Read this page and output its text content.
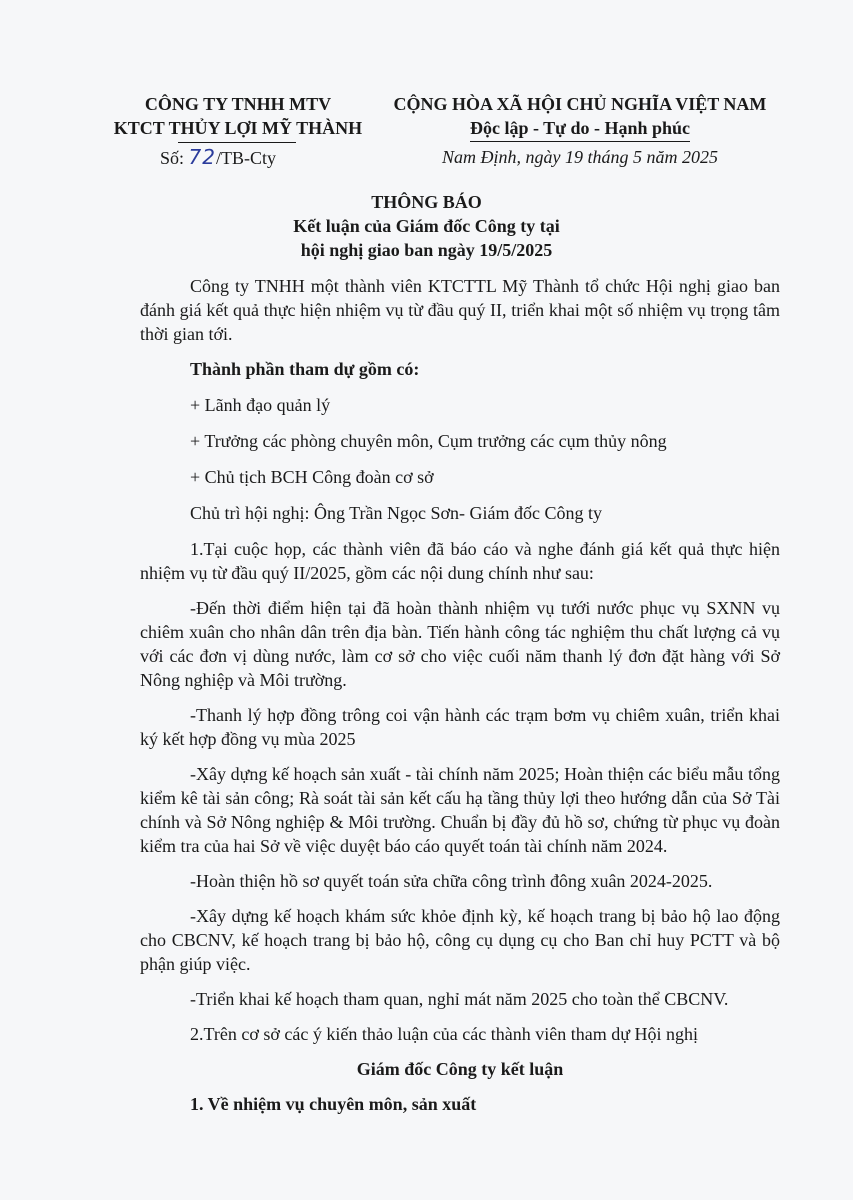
CÔNG TY TNHH MTV
KTCT THỦY LỢI MỸ THÀNH
CỘNG HÒA XÃ HỘI CHỦ NGHĨA VIỆT NAM
Độc lập - Tự do - Hạnh phúc
Số: 72/TB-Cty	Nam Định, ngày 19 tháng 5 năm 2025
THÔNG BÁO
Kết luận của Giám đốc Công ty tại
hội nghị giao ban ngày 19/5/2025

Công ty TNHH một thành viên KTCTTL Mỹ Thành tổ chức Hội nghị giao ban đánh giá kết quả thực hiện nhiệm vụ từ đầu quý II, triển khai một số nhiệm vụ trọng tâm thời gian tới.

Thành phần tham dự gồm có:

+ Lãnh đạo quản lý

+ Trưởng các phòng chuyên môn, Cụm trưởng các cụm thủy nông

+ Chủ tịch BCH Công đoàn cơ sở

Chủ trì hội nghị: Ông Trần Ngọc Sơn- Giám đốc Công ty

1.Tại cuộc họp, các thành viên đã báo cáo và nghe đánh giá kết quả thực hiện nhiệm vụ từ đầu quý II/2025, gồm các nội dung chính như sau:

-Đến thời điểm hiện tại đã hoàn thành nhiệm vụ tưới nước phục vụ SXNN vụ chiêm xuân cho nhân dân trên địa bàn. Tiến hành công tác nghiệm thu chất lượng cả vụ với các đơn vị dùng nước, làm cơ sở cho việc cuối năm thanh lý đơn đặt hàng với Sở Nông nghiệp và Môi trường.

-Thanh lý hợp đồng trông coi vận hành các trạm bơm vụ chiêm xuân, triển khai ký kết hợp đồng vụ mùa 2025

-Xây dựng kế hoạch sản xuất - tài chính năm 2025; Hoàn thiện các biểu mẫu tổng kiểm kê tài sản công; Rà soát tài sản kết cấu hạ tầng thủy lợi theo hướng dẫn của Sở Tài chính và Sở Nông nghiệp & Môi trường. Chuẩn bị đầy đủ hồ sơ, chứng từ phục vụ đoàn kiểm tra của hai Sở về việc duyệt báo cáo quyết toán tài chính năm 2024.

-Hoàn thiện hồ sơ quyết toán sửa chữa công trình đông xuân 2024-2025.

-Xây dựng kế hoạch khám sức khỏe định kỳ, kế hoạch trang bị bảo hộ lao động cho CBCNV, kế hoạch trang bị bảo hộ, công cụ dụng cụ cho Ban chỉ huy PCTT và bộ phận giúp việc.

-Triển khai kế hoạch tham quan, nghỉ mát năm 2025 cho toàn thể CBCNV.

2.Trên cơ sở các ý kiến thảo luận của các thành viên tham dự Hội nghị

Giám đốc Công ty kết luận

1. Về nhiệm vụ chuyên môn, sản xuất
